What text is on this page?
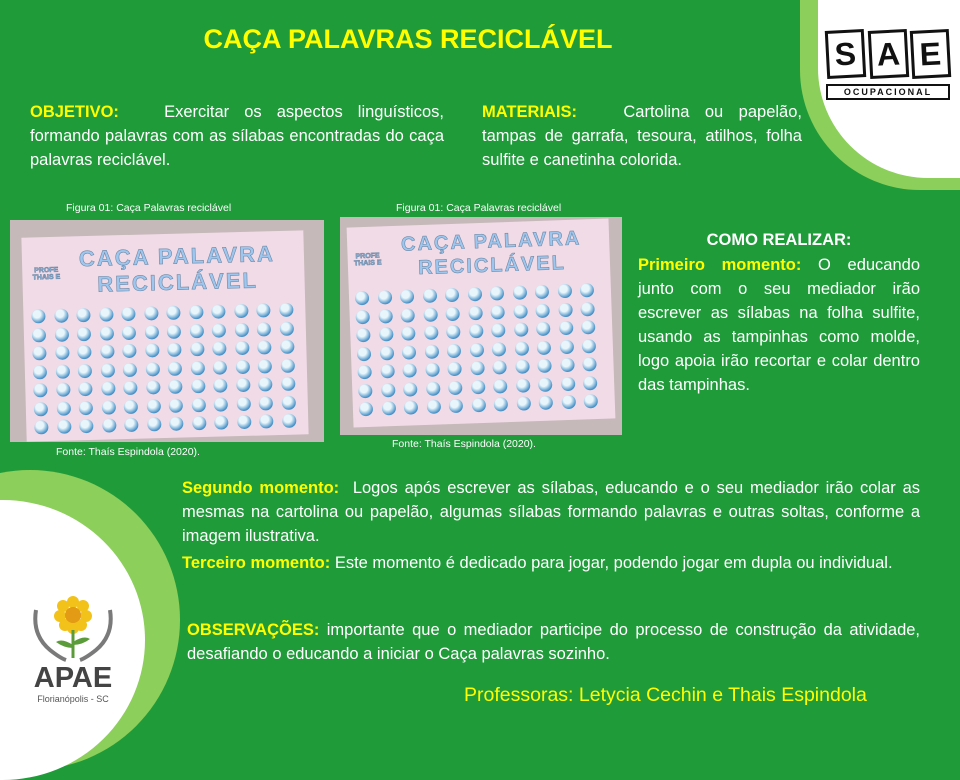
CAÇA PALAVRAS RECICLÁVEL	S A E
OCUPACIONAL

OBJETIVO:	Exercitar os aspectos linguísticos, formando palavras com as sílabas encontradas do caça palavras reciclável.

MATERIAIS:	Cartolina ou papelão, tampas de garrafa, tesoura, atilhos, folha sulfite e canetinha colorida.

Figura 01: Caça Palavras reciclável

CAÇA PALAVRA
RECICLÁVEL
PROFE THAIS E

Fonte: Thaís Espindola (2020).

Figura 01: Caça Palavras reciclável

CAÇA PALAVRA
RECICLÁVEL
PROFE THAIS E

Fonte: Thaís Espindola (2020).

COMO REALIZAR:

Primeiro momento: O educando junto com o seu mediador irão escrever as sílabas na folha sulfite, usando as tampinhas como molde, logo apoia irão recortar e colar dentro das tampinhas.

Segundo momento: Logos após escrever as sílabas, educando e o seu mediador irão colar as mesmas na cartolina ou papelão, algumas sílabas formando palavras e outras soltas, conforme a imagem ilustrativa.

Terceiro momento: Este momento é dedicado para jogar, podendo jogar em dupla ou individual.

OBSERVAÇÕES: importante que o mediador participe do processo de construção da atividade, desafiando o educando a iniciar o Caça palavras sozinho.

APAE

Florianópolis - SC	Professoras: Letycia Cechin e Thais Espindola
